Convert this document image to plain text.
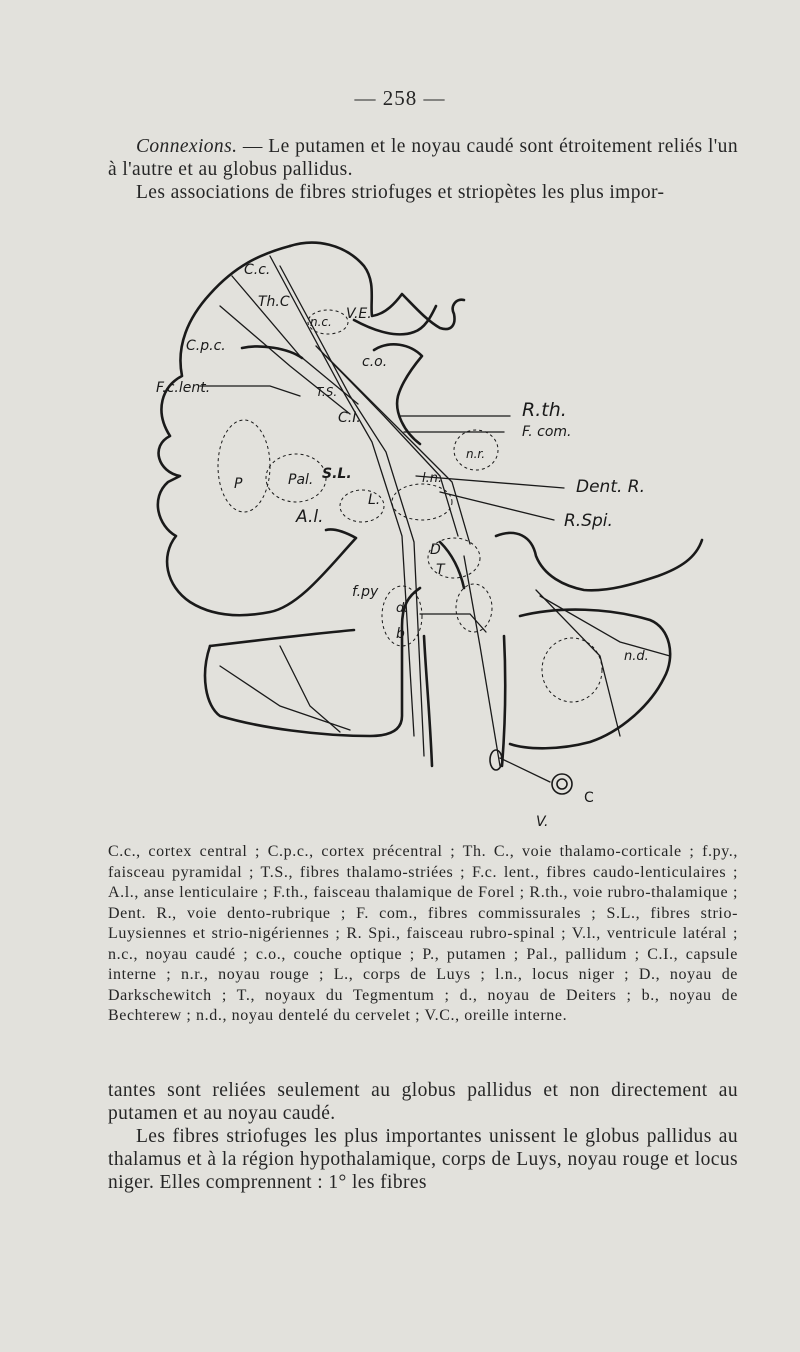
— 258 —

Connexions. — Le putamen et le noyau caudé sont étroitement reliés l'un à l'autre et au globus pallidus.

Les associations de fibres striofuges et striopètes les plus impor-

C.c.
Th.C
V.E.
n.c.
C.p.c.
c.o.
F.c.lent.	T.S.
C.I.	R.th.
F. com.
n.r.
P	Pal. S.L.
A.l.
L.
l.n.	Dent. R.
R.Spi.
D
T
f.py
d.
b
n.d.
C
V.

C.c., cortex central ; C.p.c., cortex précentral ; Th. C., voie thalamo-corticale ; f.py., faisceau pyramidal ; T.S., fibres thalamo-striées ; F.c. lent., fibres caudo-lenticulaires ; A.l., anse lenticulaire ; F.th., faisceau thalamique de Forel ; R.th., voie rubro-thalamique ; Dent. R., voie dento-rubrique ; F. com., fibres commissurales ; S.L., fibres strio-Luysiennes et strio-nigériennes ; R. Spi., faisceau rubro-spinal ; V.l., ventricule latéral ; n.c., noyau caudé ; c.o., couche optique ; P., putamen ; Pal., pallidum ; C.I., capsule interne ; n.r., noyau rouge ; L., corps de Luys ; l.n., locus niger ; D., noyau de Darkschewitch ; T., noyaux du Tegmentum ; d., noyau de Deiters ; b., noyau de Bechterew ; n.d., noyau dentelé du cervelet ; V.C., oreille interne.

tantes sont reliées seulement au globus pallidus et non directement au putamen et au noyau caudé.

Les fibres striofuges les plus importantes unissent le globus pallidus au thalamus et à la région hypothalamique, corps de Luys, noyau rouge et locus niger. Elles comprennent : 1° les fibres
